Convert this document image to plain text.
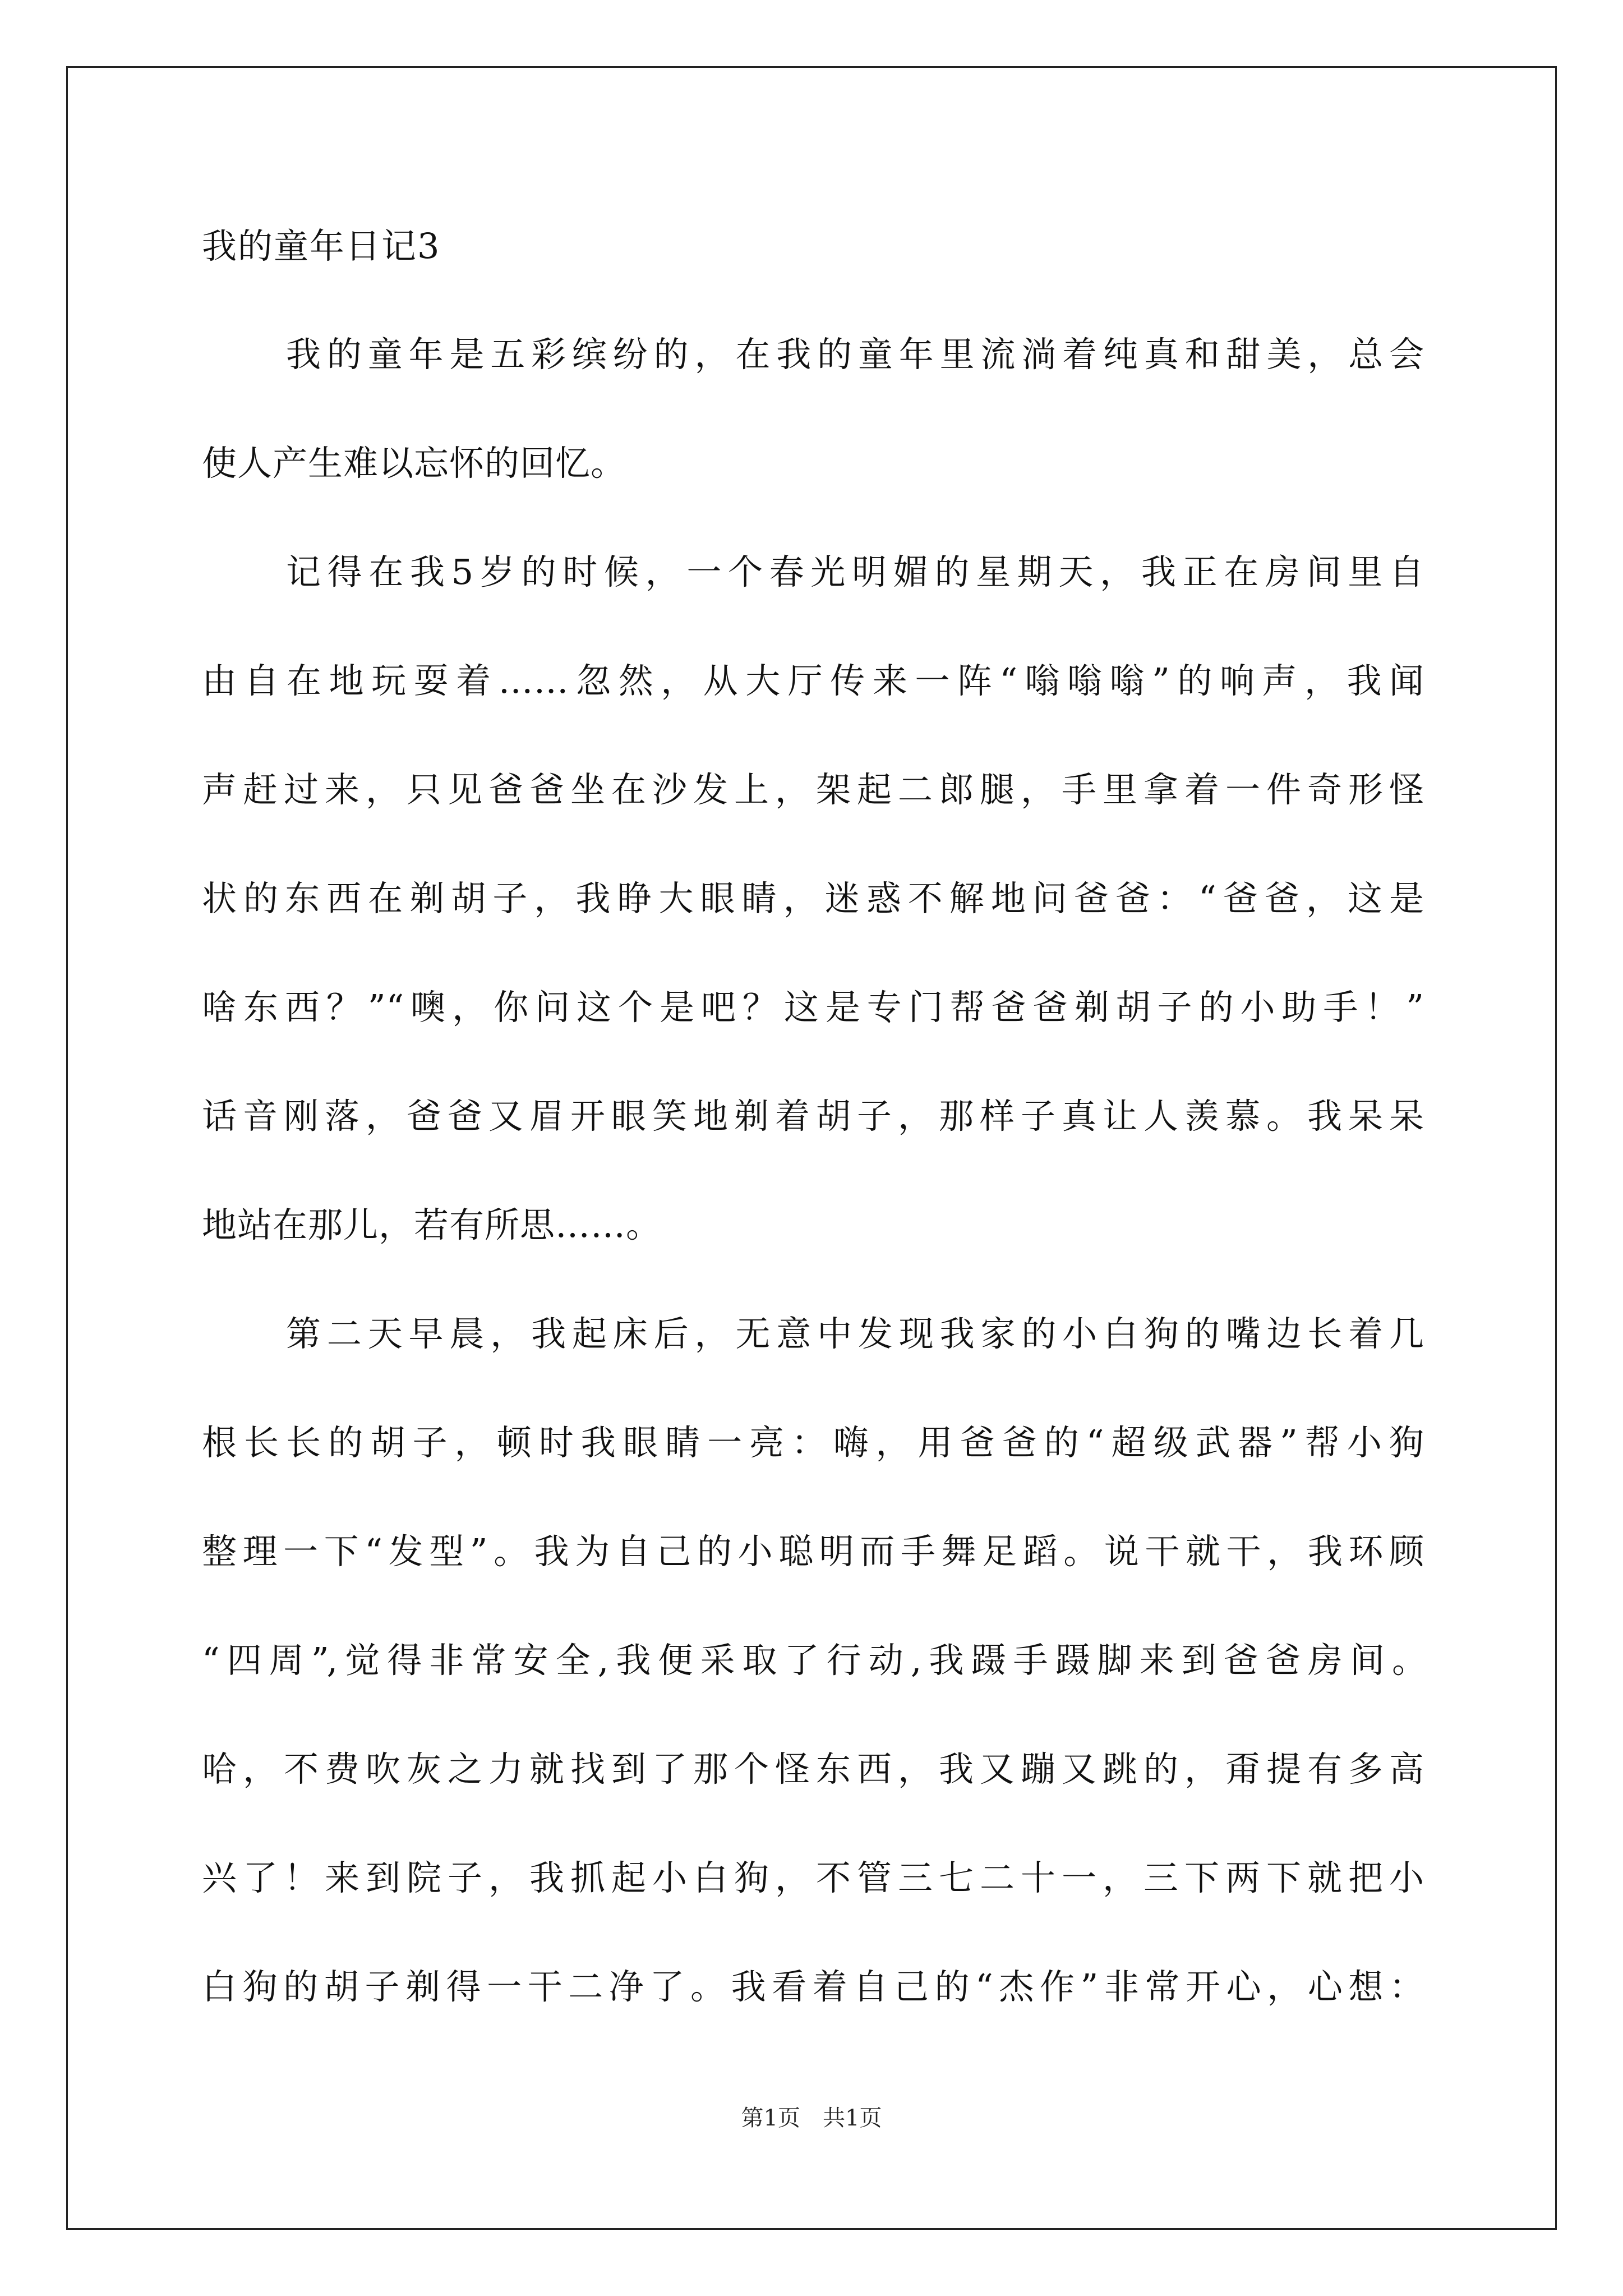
我的童年日记3
我的童年是五彩缤纷的，在我的童年里流淌着纯真和甜美，总会
使人产生难以忘怀的回忆。
记得在我5岁的时候，一个春光明媚的星期天，我正在房间里自
由自在地玩耍着……忽然，从大厅传来一阵“嗡嗡嗡”的响声，我闻
声赶过来，只见爸爸坐在沙发上，架起二郎腿，手里拿着一件奇形怪
状的东西在剃胡子，我睁大眼睛，迷惑不解地问爸爸：“爸爸，这是
啥东西？”“噢，你问这个是吧？这是专门帮爸爸剃胡子的小助手！”
话音刚落，爸爸又眉开眼笑地剃着胡子，那样子真让人羡慕。我呆呆
地站在那儿，若有所思……。
第二天早晨，我起床后，无意中发现我家的小白狗的嘴边长着几
根长长的胡子，顿时我眼睛一亮：嗨，用爸爸的“超级武器”帮小狗
整理一下“发型”。我为自己的小聪明而手舞足蹈。说干就干，我环顾
“四周”,觉得非常安全,我便采取了行动,我蹑手蹑脚来到爸爸房间。
哈，不费吹灰之力就找到了那个怪东西，我又蹦又跳的，甭提有多高
兴了！来到院子，我抓起小白狗，不管三七二十一，三下两下就把小
白狗的胡子剃得一干二净了。我看着自己的“杰作”非常开心，心想：
第1页　共1页
